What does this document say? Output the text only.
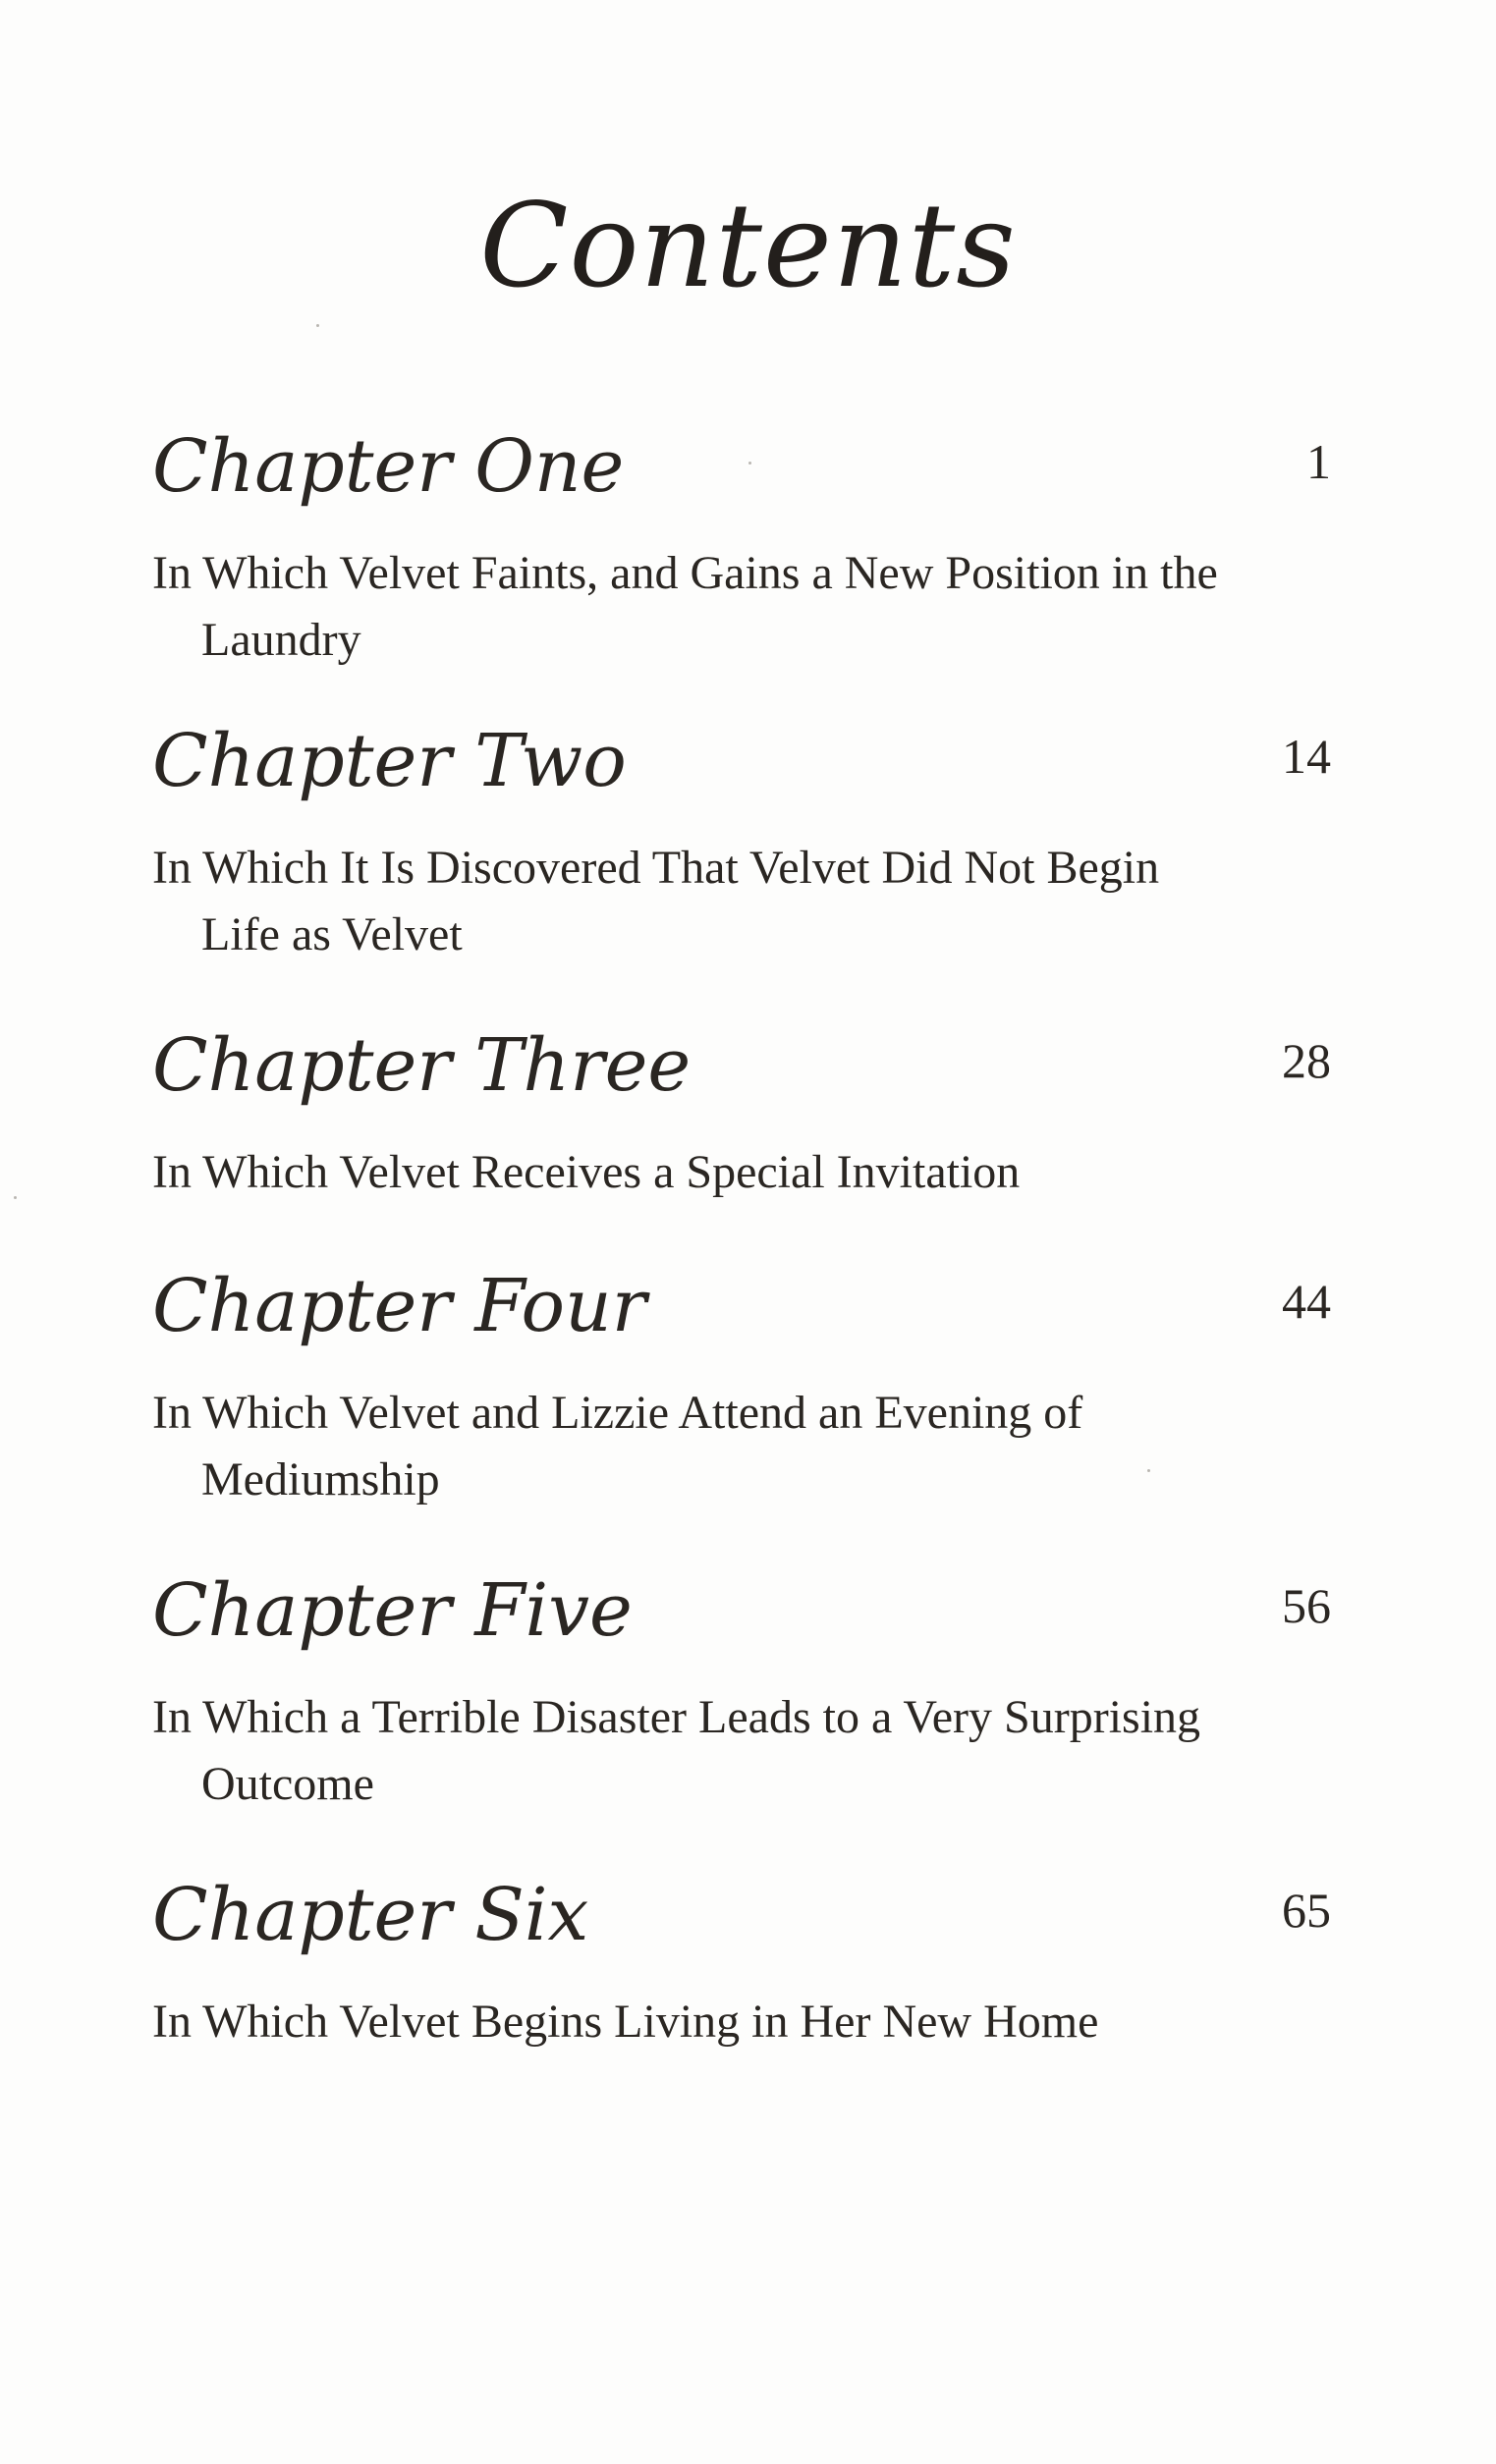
Contents
Chapter One	1

In Which Velvet Faints, and Gains a New Position in the Laundry

Chapter Two	14

In Which It Is Discovered That Velvet Did Not Begin Life as Velvet

Chapter Three	28

In Which Velvet Receives a Special Invitation

Chapter Four	44

In Which Velvet and Lizzie Attend an Evening of Mediumship

Chapter Five	56

In Which a Terrible Disaster Leads to a Very Surprising Outcome

Chapter Six	65

In Which Velvet Begins Living in Her New Home
